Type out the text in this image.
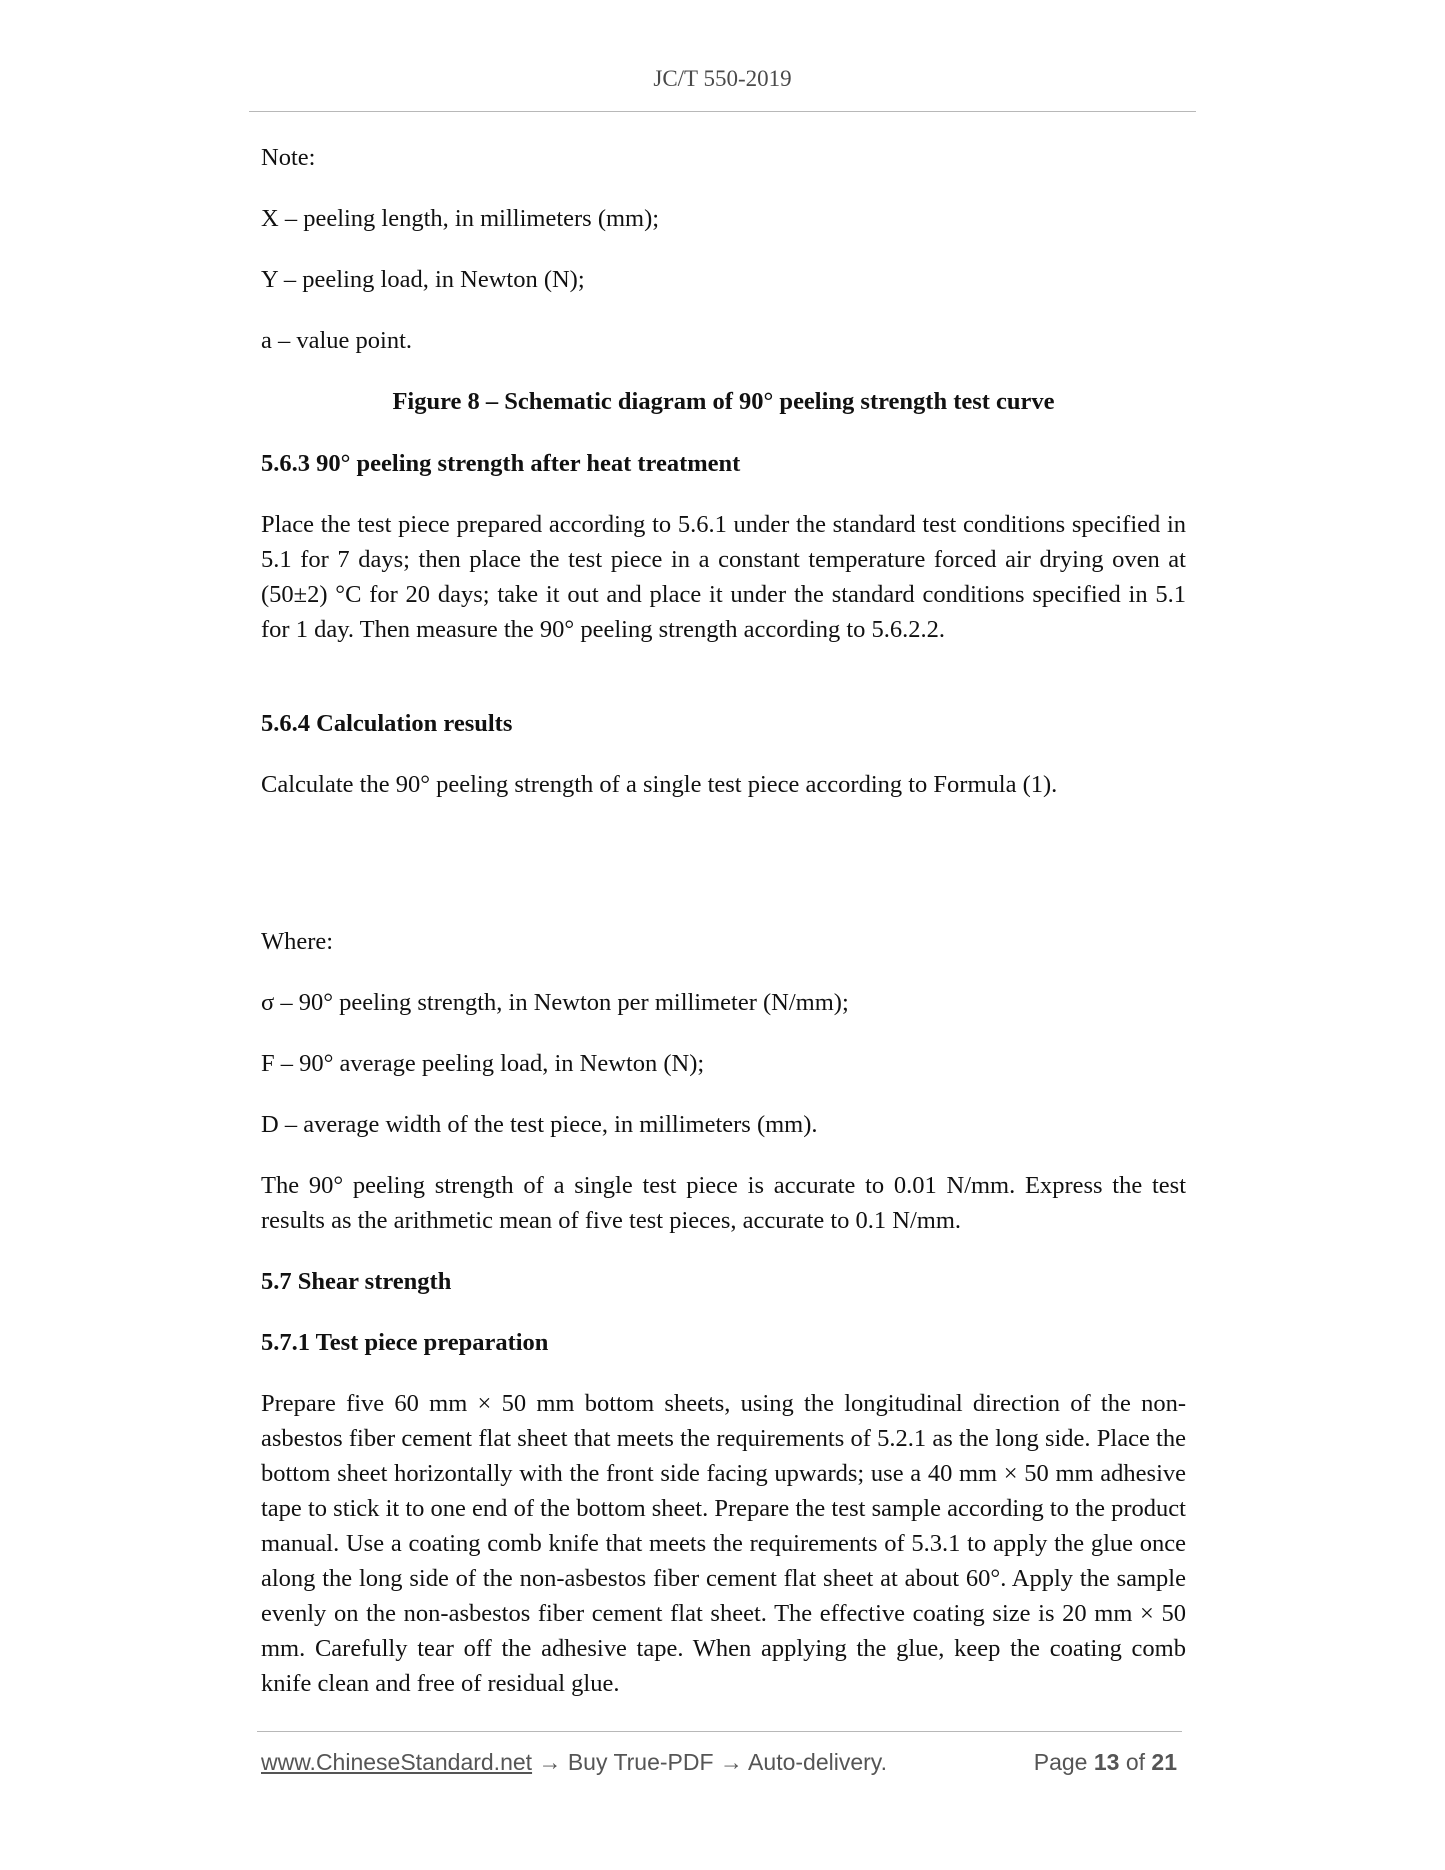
JC/T 550-2019

Note:

X – peeling length, in millimeters (mm);

Y – peeling load, in Newton (N);

a – value point.

Figure 8 – Schematic diagram of 90° peeling strength test curve

5.6.3 90° peeling strength after heat treatment

Place the test piece prepared according to 5.6.1 under the standard test conditions specified in 5.1 for 7 days; then place the test piece in a constant temperature forced air drying oven at (50±2) °C for 20 days; take it out and place it under the standard conditions specified in 5.1 for 1 day. Then measure the 90° peeling strength according to 5.6.2.2.

5.6.4 Calculation results

Calculate the 90° peeling strength of a single test piece according to Formula (1).

Where:

σ – 90° peeling strength, in Newton per millimeter (N/mm);

F – 90° average peeling load, in Newton (N);

D – average width of the test piece, in millimeters (mm).

The 90° peeling strength of a single test piece is accurate to 0.01 N/mm. Express the test results as the arithmetic mean of five test pieces, accurate to 0.1 N/mm.

5.7 Shear strength

5.7.1 Test piece preparation

Prepare five 60 mm × 50 mm bottom sheets, using the longitudinal direction of the non-asbestos fiber cement flat sheet that meets the requirements of 5.2.1 as the long side. Place the bottom sheet horizontally with the front side facing upwards; use a 40 mm × 50 mm adhesive tape to stick it to one end of the bottom sheet. Prepare the test sample according to the product manual. Use a coating comb knife that meets the requirements of 5.3.1 to apply the glue once along the long side of the non-asbestos fiber cement flat sheet at about 60°. Apply the sample evenly on the non-asbestos fiber cement flat sheet. The effective coating size is 20 mm × 50 mm. Carefully tear off the adhesive tape. When applying the glue, keep the coating comb knife clean and free of residual glue.

www.ChineseStandard.net → Buy True-PDF → Auto-delivery.	Page 13 of 21
